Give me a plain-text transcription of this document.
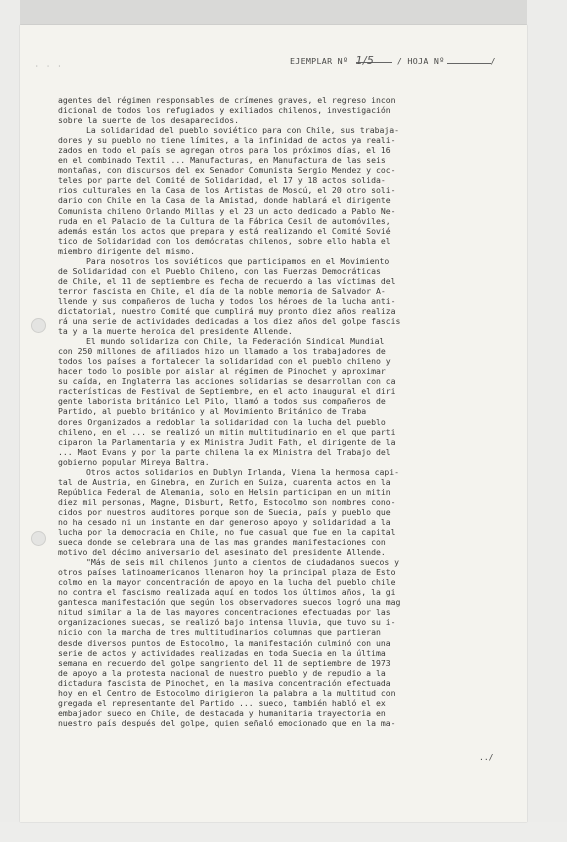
· · ·
EJEMPLAR Nº 1/5	/ HOJA Nº	/
agentes del régimen responsables de crímenes graves, el regreso incon
dicional de todos los refugiados y exiliados chilenos, investigación
sobre la suerte de los desaparecidos.
La solidaridad del pueblo soviético para con Chile, sus trabaja-
dores y su pueblo no tiene límites, a la infinidad de actos ya reali-
zados en todo el país se agregan otros para los próximos días, el 16
en el combinado Textil ... Manufacturas, en Manufactura de las seis
montañas, con discursos del ex Senador Comunista Sergio Mendez y coc-
teles por parte del Comité de Solidaridad, el 17 y 18 actos solida-
rios culturales en la Casa de los Artistas de Moscú, el 20 otro soli-
dario con Chile en la Casa de la Amistad, donde hablará el dirigente
Comunista chileno Orlando Millas y el 23 un acto dedicado a Pablo Ne-
ruda en el Palacio de la Cultura de la Fábrica Cesil de automóviles,
además están los actos que prepara y está realizando el Comité Sovié
tico de Solidaridad con los demócratas chilenos, sobre ello habla el
miembro dirigente del mismo.
Para nosotros los soviéticos que participamos en el Movimiento
de Solidaridad con el Pueblo Chileno, con las Fuerzas Democráticas
de Chile, el 11 de septiembre es fecha de recuerdo a las víctimas del
terror fascista en Chile, el día de la noble memoria de Salvador A-
llende y sus compañeros de lucha y todos los héroes de la lucha anti-
dictatorial, nuestro Comité que cumplirá muy pronto diez años realiza
rá una serie de actividades dedicadas a los diez años del golpe fascis
ta y a la muerte heroica del presidente Allende.
El mundo solidariza con Chile, la Federación Sindical Mundial
con 250 millones de afiliados hizo un llamado a los trabajadores de
todos los países a fortalecer la solidaridad con el pueblo chileno y
hacer todo lo posible por aislar al régimen de Pinochet y aproximar
su caída, en Inglaterra las acciones solidarias se desarrollan con ca
racterísticas de Festival de Septiembre, en el acto inaugural el diri
gente laborista británico Lel Pilo, llamó a todos sus compañeros de
Partido, al pueblo británico y al Movimiento Británico de Traba
dores Organizados a redoblar la solidaridad con la lucha del pueblo
chileno, en el ... se realizó un mitin multitudinario en el que parti
ciparon la Parlamentaria y ex Ministra Judit Fath, el dirigente de la
... Maot Evans y por la parte chilena la ex Ministra del Trabajo del
gobierno popular Mireya Baltra.
Otros actos solidarios en Dublyn Irlanda, Viena la hermosa capi-
tal de Austria, en Ginebra, en Zurich en Suiza, cuarenta actos en la
República Federal de Alemania, solo en Helsin participan en un mitin
diez mil personas, Magne, Disburt, Retfo, Estocolmo son nombres cono-
cidos por nuestros auditores porque son de Suecia, país y pueblo que
no ha cesado ni un instante en dar generoso apoyo y solidaridad a la
lucha por la democracia en Chile, no fue casual que fue en la capital
sueca donde se celebrara una de las mas grandes manifestaciones con
motivo del décimo aniversario del asesinato del presidente Allende.
"Más de seis mil chilenos junto a cientos de ciudadanos suecos y
otros países latinoamericanos llenaron hoy la principal plaza de Esto
colmo en la mayor concentración de apoyo en la lucha del pueblo chile
no contra el fascismo realizada aquí en todos los últimos años, la gi
gantesca manifestación que según los observadores suecos logró una mag
nitud similar a la de las mayores concentraciones efectuadas por las
organizaciones suecas, se realizó bajo intensa lluvia, que tuvo su i-
nicio con la marcha de tres multitudinarios columnas que partieran
desde diversos puntos de Estocolmo, la manifestación culminó con una
serie de actos y actividades realizadas en toda Suecia en la última
semana en recuerdo del golpe sangriento del 11 de septiembre de 1973
de apoyo a la protesta nacional de nuestro pueblo y de repudio a la
dictadura fascista de Pinochet, en la masiva concentración efectuada
hoy en el Centro de Estocolmo dirigieron la palabra a la multitud con
gregada el representante del Partido ... sueco, también habló el ex
embajador sueco en Chile, de destacada y humanitaria trayectoria en
nuestro país después del golpe, quien señaló emocionado que en la ma-
../
